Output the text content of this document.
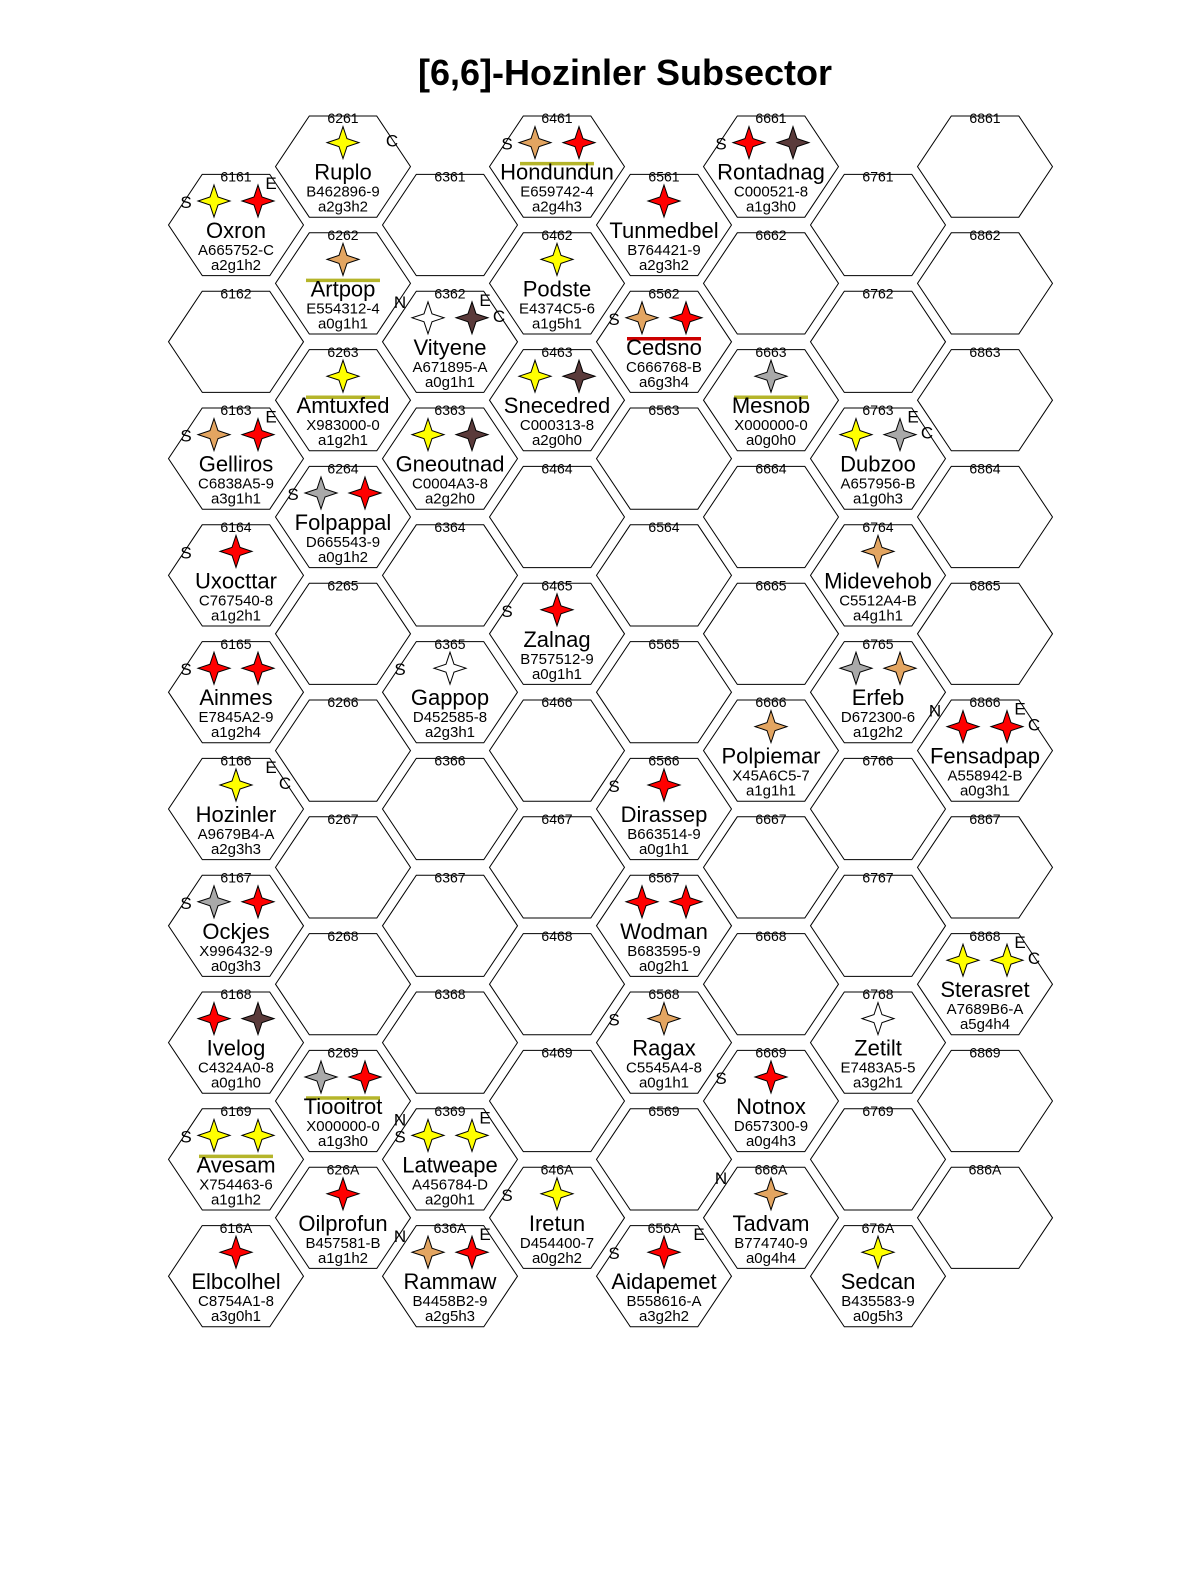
[6,6]-Hozinler Subsector
6161
S
E
Oxron
A665752-C
a2g1h2
6162
6163
S
E
Gelliros
C6838A5-9
a3g1h1
6164
S
Uxocttar
C767540-8
a1g2h1
6165
S
Ainmes
E7845A2-9
a1g2h4
6166 E
C
Hozinler
A9679B4-A
a2g3h3
6167
S
Ockjes
X996432-9
a0g3h3
6168
Ivelog
C4324A0-8
a0g1h0
6169
S
Avesam
X754463-6
a1g1h2
616A
Elbcolhel
C8754A1-8
a3g0h1
6261
C
Ruplo
B462896-9
a2g3h2
6262
Artpop
E554312-4
a0g1h1
6263
Amtuxfed
X983000-0
a1g2h1
6264
S
Folpappal
D665543-9
a0g1h2
6265
6266
6267
6268
6269
Tiooitrot
X000000-0
a1g3h0
626A
Oilprofun
B457581-B
a1g1h2
6361
6362
N	E
C
Vityene
A671895-A
a0g1h1
6363
Gneoutnad
C0004A3-8
a2g2h0
6364
6365
S
Gappop
D452585-8
a2g3h1
6366
6367
6368
6369
N
S
E
Latweape
A456784-D
a2g0h1
636A
N	E
Rammaw
B4458B2-9
a2g5h3
6461
S
Hondundun
E659742-4
a2g4h3
6462
Podste
E4374C5-6
a1g5h1
6463
Snecedred
C000313-8
a2g0h0
6464
6465
S
Zalnag
B757512-9
a0g1h1
6466
6467
6468
6469
646A
S
Iretun
D454400-7
a0g2h2
6561
Tunmedbel
B764421-9
a2g3h2
6562
S
Cedsno
C666768-B
a6g3h4
6563
6564
6565
6566
S
Dirassep
B663514-9
a0g1h1
6567
Wodman
B683595-9
a0g2h1
6568
S
Ragax
C5545A4-8
a0g1h1
6569
656A
S
E
Aidapemet
B558616-A
a3g2h2
6661
S
Rontadnag
C000521-8
a1g3h0
6662
6663
Mesnob
X000000-0
a0g0h0
6664
6665
6666
Polpiemar
X45A6C5-7
a1g1h1
6667
6668
6669
S
Notnox
D657300-9
a0g4h3
666A
N
Tadvam
B774740-9
a0g4h4
6761
6762
6763 E
C
Dubzoo
A657956-B
a1g0h3
6764
Midevehob
C5512A4-B
a4g1h1
6765
Erfeb
D672300-6
a1g2h2
6766
6767
6768
Zetilt
E7483A5-5
a3g2h1
6769
676A
Sedcan
B435583-9
a0g5h3
6861
6862
6863
6864
6865
6866
N	E
C
Fensadpap
A558942-B
a0g3h1
6867
6868 E
C
Sterasret
A7689B6-A
a5g4h4
6869
686A
